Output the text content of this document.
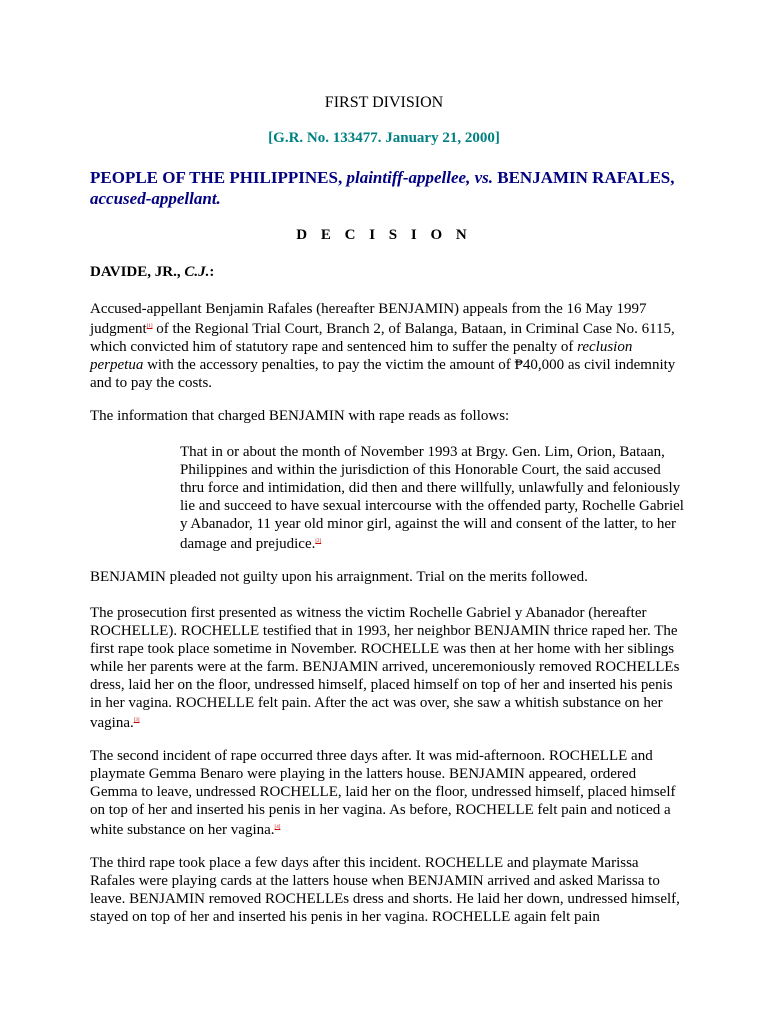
FIRST DIVISION
[G.R. No. 133477. January 21, 2000]
PEOPLE OF THE PHILIPPINES, plaintiff-appellee, vs. BENJAMIN RAFALES, accused-appellant.
D E C I S I O N
DAVIDE, JR., C.J.:

Accused-appellant Benjamin Rafales (hereafter BENJAMIN) appeals from the 16 May 1997 judgment[1] of the Regional Trial Court, Branch 2, of Balanga, Bataan, in Criminal Case No. 6115, which convicted him of statutory rape and sentenced him to suffer the penalty of reclusion perpetua with the accessory penalties, to pay the victim the amount of ₱40,000 as civil indemnity and to pay the costs.

The information that charged BENJAMIN with rape reads as follows:

That in or about the month of November 1993 at Brgy. Gen. Lim, Orion, Bataan, Philippines and within the jurisdiction of this Honorable Court, the said accused thru force and intimidation, did then and there willfully, unlawfully and feloniously lie and succeed to have sexual intercourse with the offended party, Rochelle Gabriel y Abanador, 11 year old minor girl, against the will and consent of the latter, to her damage and prejudice.[2]

BENJAMIN pleaded not guilty upon his arraignment. Trial on the merits followed.

The prosecution first presented as witness the victim Rochelle Gabriel y Abanador (hereafter ROCHELLE). ROCHELLE testified that in 1993, her neighbor BENJAMIN thrice raped her. The first rape took place sometime in November. ROCHELLE was then at her home with her siblings while her parents were at the farm. BENJAMIN arrived, unceremoniously removed ROCHELLEs dress, laid her on the floor, undressed himself, placed himself on top of her and inserted his penis in her vagina. ROCHELLE felt pain. After the act was over, she saw a whitish substance on her vagina.[3]

The second incident of rape occurred three days after. It was mid-afternoon. ROCHELLE and playmate Gemma Benaro were playing in the latters house. BENJAMIN appeared, ordered Gemma to leave, undressed ROCHELLE, laid her on the floor, undressed himself, placed himself on top of her and inserted his penis in her vagina. As before, ROCHELLE felt pain and noticed a white substance on her vagina.[4]

The third rape took place a few days after this incident. ROCHELLE and playmate Marissa Rafales were playing cards at the latters house when BENJAMIN arrived and asked Marissa to leave. BENJAMIN removed ROCHELLEs dress and shorts. He laid her down, undressed himself, stayed on top of her and inserted his penis in her vagina. ROCHELLE again felt pain
